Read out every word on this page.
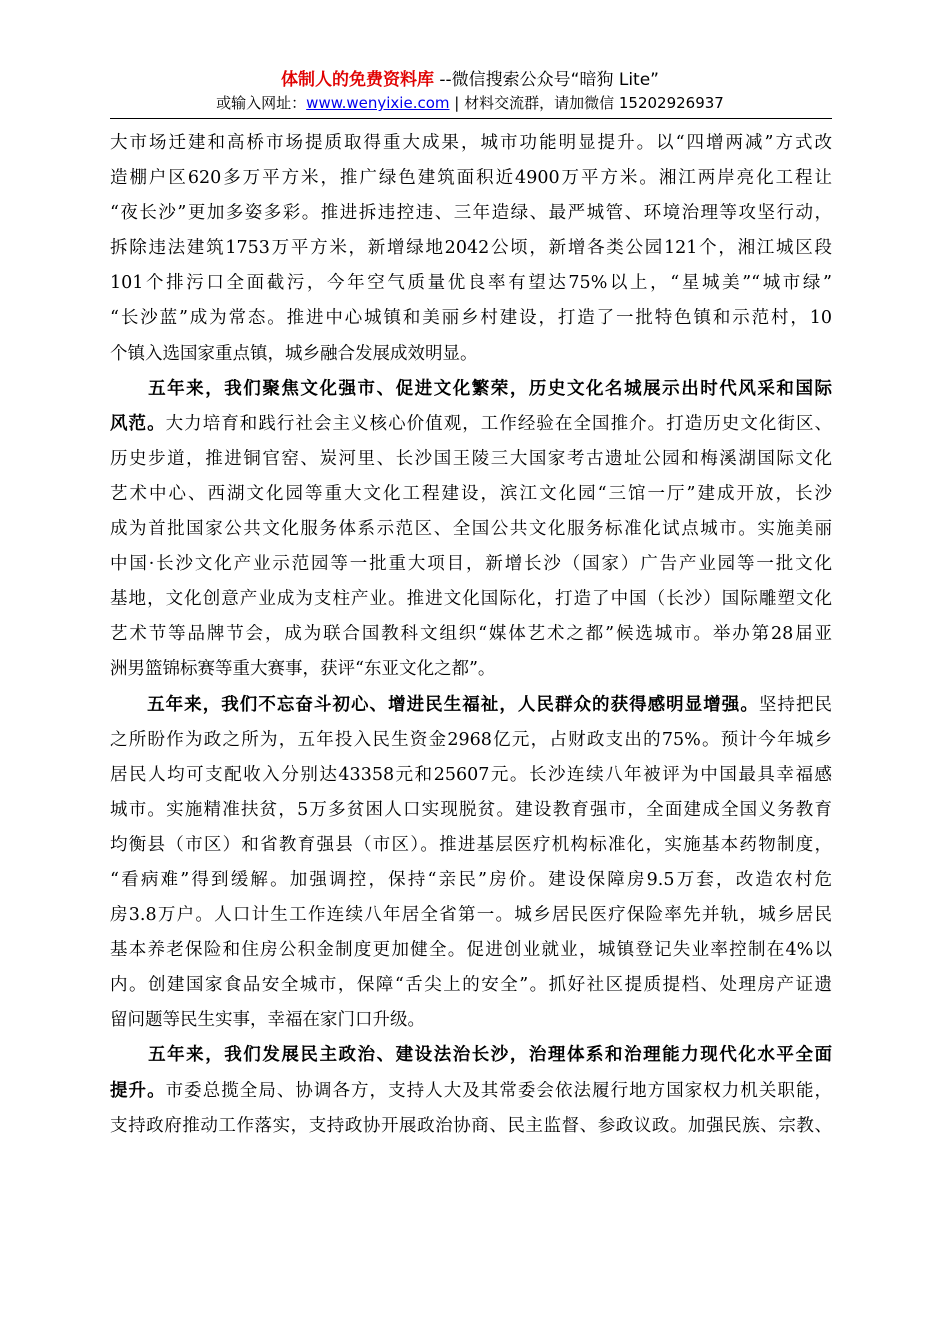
体制人的免费资料库 --微信搜索公众号“暗狗 Lite”
或输入网址：www.wenyixie.com | 材料交流群，请加微信 15202926937
大市场迁建和高桥市场提质取得重大成果，城市功能明显提升。以“四增两减”方式改
造棚户区620多万平方米，推广绿色建筑面积近4900万平方米。湘江两岸亮化工程让
“夜长沙”更加多姿多彩。推进拆违控违、三年造绿、最严城管、环境治理等攻坚行动，
拆除违法建筑1753万平方米，新增绿地2042公顷，新增各类公园121个，湘江城区段
101个排污口全面截污，今年空气质量优良率有望达75%以上，“星城美”“城市绿”
“长沙蓝”成为常态。推进中心城镇和美丽乡村建设，打造了一批特色镇和示范村，10
个镇入选国家重点镇，城乡融合发展成效明显。
　　五年来，我们聚焦文化强市、促进文化繁荣，历史文化名城展示出时代风采和国际
风范。大力培育和践行社会主义核心价值观，工作经验在全国推介。打造历史文化街区、
历史步道，推进铜官窑、炭河里、长沙国王陵三大国家考古遗址公园和梅溪湖国际文化
艺术中心、西湖文化园等重大文化工程建设，滨江文化园“三馆一厅”建成开放，长沙
成为首批国家公共文化服务体系示范区、全国公共文化服务标准化试点城市。实施美丽
中国·长沙文化产业示范园等一批重大项目，新增长沙（国家）广告产业园等一批文化
基地，文化创意产业成为支柱产业。推进文化国际化，打造了中国（长沙）国际雕塑文化
艺术节等品牌节会，成为联合国教科文组织“媒体艺术之都”候选城市。举办第28届亚
洲男篮锦标赛等重大赛事，获评“东亚文化之都”。
　　五年来，我们不忘奋斗初心、增进民生福祉，人民群众的获得感明显增强。坚持把民
之所盼作为政之所为，五年投入民生资金2968亿元，占财政支出的75%。预计今年城乡
居民人均可支配收入分别达43358元和25607元。长沙连续八年被评为中国最具幸福感
城市。实施精准扶贫，5万多贫困人口实现脱贫。建设教育强市，全面建成全国义务教育
均衡县（市区）和省教育强县（市区）。推进基层医疗机构标准化，实施基本药物制度，
“看病难”得到缓解。加强调控，保持“亲民”房价。建设保障房9.5万套，改造农村危
房3.8万户。人口计生工作连续八年居全省第一。城乡居民医疗保险率先并轨，城乡居民
基本养老保险和住房公积金制度更加健全。促进创业就业，城镇登记失业率控制在4%以
内。创建国家食品安全城市，保障“舌尖上的安全”。抓好社区提质提档、处理房产证遗
留问题等民生实事，幸福在家门口升级。
　　五年来，我们发展民主政治、建设法治长沙，治理体系和治理能力现代化水平全面
提升。市委总揽全局、协调各方，支持人大及其常委会依法履行地方国家权力机关职能，
支持政府推动工作落实，支持政协开展政治协商、民主监督、参政议政。加强民族、宗教、
